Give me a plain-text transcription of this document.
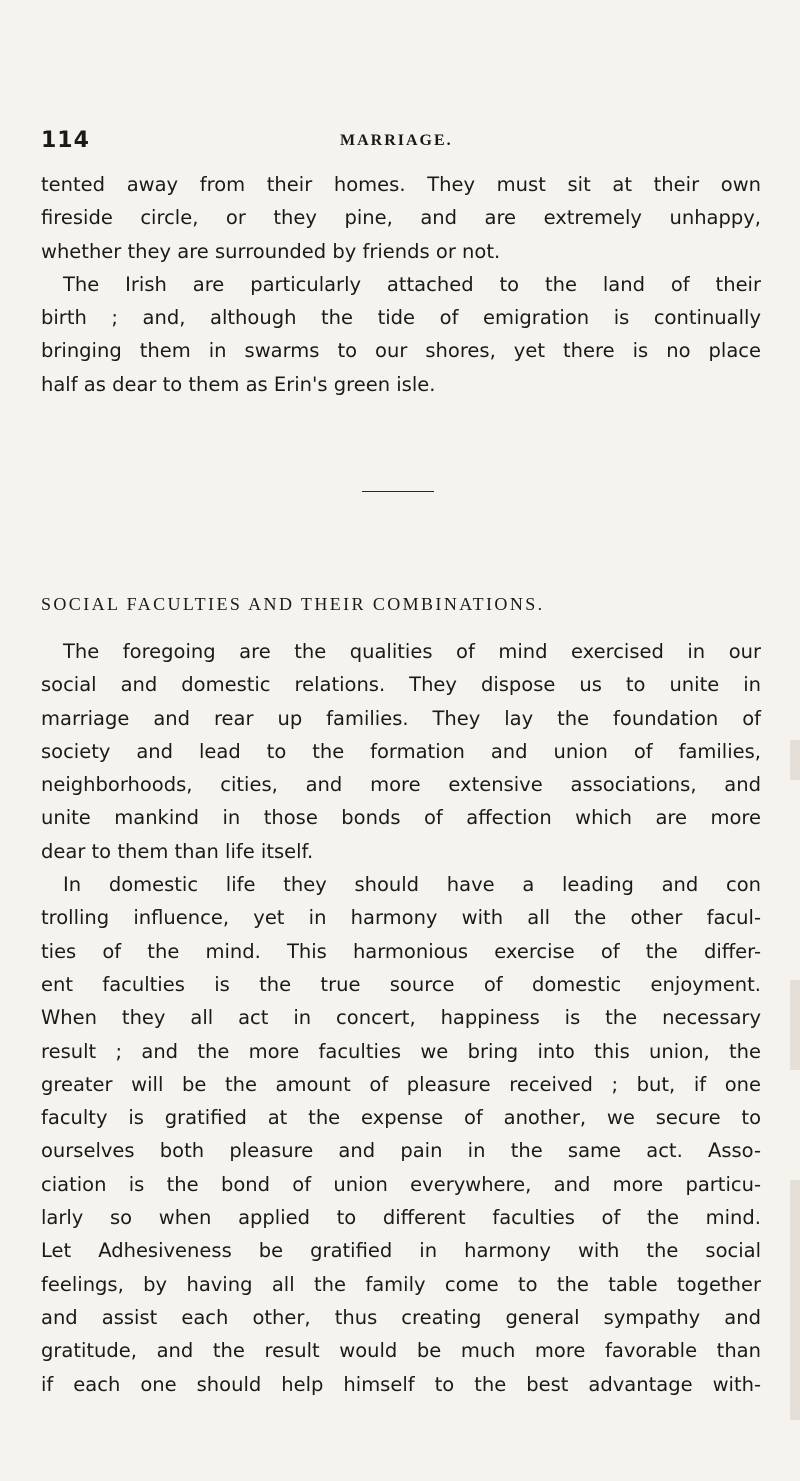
114	MARRIAGE.
tented away from their homes. They must sit at their own
fireside circle, or they pine, and are extremely unhappy,
whether they are surrounded by friends or not.
The Irish are particularly attached to the land of their
birth ; and, although the tide of emigration is continually
bringing them in swarms to our shores, yet there is no place
half as dear to them as Erin's green isle.
SOCIAL FACULTIES AND THEIR COMBINATIONS.
The foregoing are the qualities of mind exercised in our
social and domestic relations. They dispose us to unite in
marriage and rear up families. They lay the foundation of
society and lead to the formation and union of families,
neighborhoods, cities, and more extensive associations, and
unite mankind in those bonds of affection which are more
dear to them than life itself.
In domestic life they should have a leading and con
trolling influence, yet in harmony with all the other facul-
ties of the mind. This harmonious exercise of the differ-
ent faculties is the true source of domestic enjoyment.
When they all act in concert, happiness is the necessary
result ; and the more faculties we bring into this union, the
greater will be the amount of pleasure received ; but, if one
faculty is gratified at the expense of another, we secure to
ourselves both pleasure and pain in the same act. Asso-
ciation is the bond of union everywhere, and more particu-
larly so when applied to different faculties of the mind.
Let Adhesiveness be gratified in harmony with the social
feelings, by having all the family come to the table together
and assist each other, thus creating general sympathy and
gratitude, and the result would be much more favorable than
if each one should help himself to the best advantage with-
